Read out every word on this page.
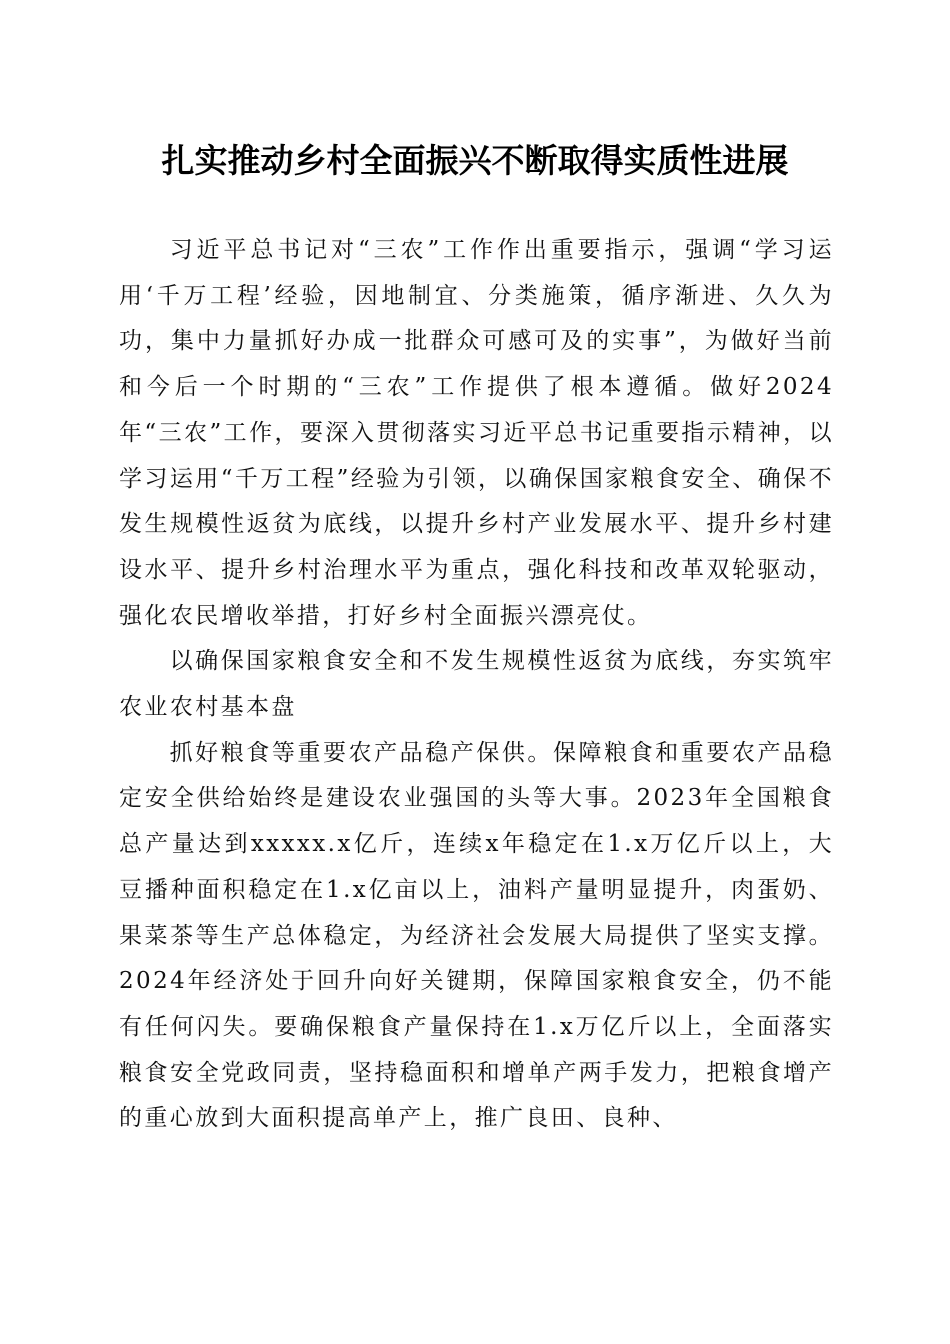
扎实推动乡村全面振兴不断取得实质性进展

习近平总书记对“三农”工作作出重要指示，强调“学习运用‘千万工程’经验，因地制宜、分类施策，循序渐进、久久为功，集中力量抓好办成一批群众可感可及的实事”，为做好当前和今后一个时期的“三农”工作提供了根本遵循。做好2024年“三农”工作，要深入贯彻落实习近平总书记重要指示精神，以学习运用“千万工程”经验为引领，以确保国家粮食安全、确保不发生规模性返贫为底线，以提升乡村产业发展水平、提升乡村建设水平、提升乡村治理水平为重点，强化科技和改革双轮驱动，强化农民增收举措，打好乡村全面振兴漂亮仗。

以确保国家粮食安全和不发生规模性返贫为底线，夯实筑牢农业农村基本盘

抓好粮食等重要农产品稳产保供。保障粮食和重要农产品稳定安全供给始终是建设农业强国的头等大事。2023年全国粮食总产量达到xxxxx.x亿斤，连续x年稳定在1.x万亿斤以上，大豆播种面积稳定在1.x亿亩以上，油料产量明显提升，肉蛋奶、果菜茶等生产总体稳定，为经济社会发展大局提供了坚实支撑。2024年经济处于回升向好关键期，保障国家粮食安全，仍不能有任何闪失。要确保粮食产量保持在1.x万亿斤以上，全面落实粮食安全党政同责，坚持稳面积和增单产两手发力，把粮食增产的重心放到大面积提高单产上，推广良田、良种、
